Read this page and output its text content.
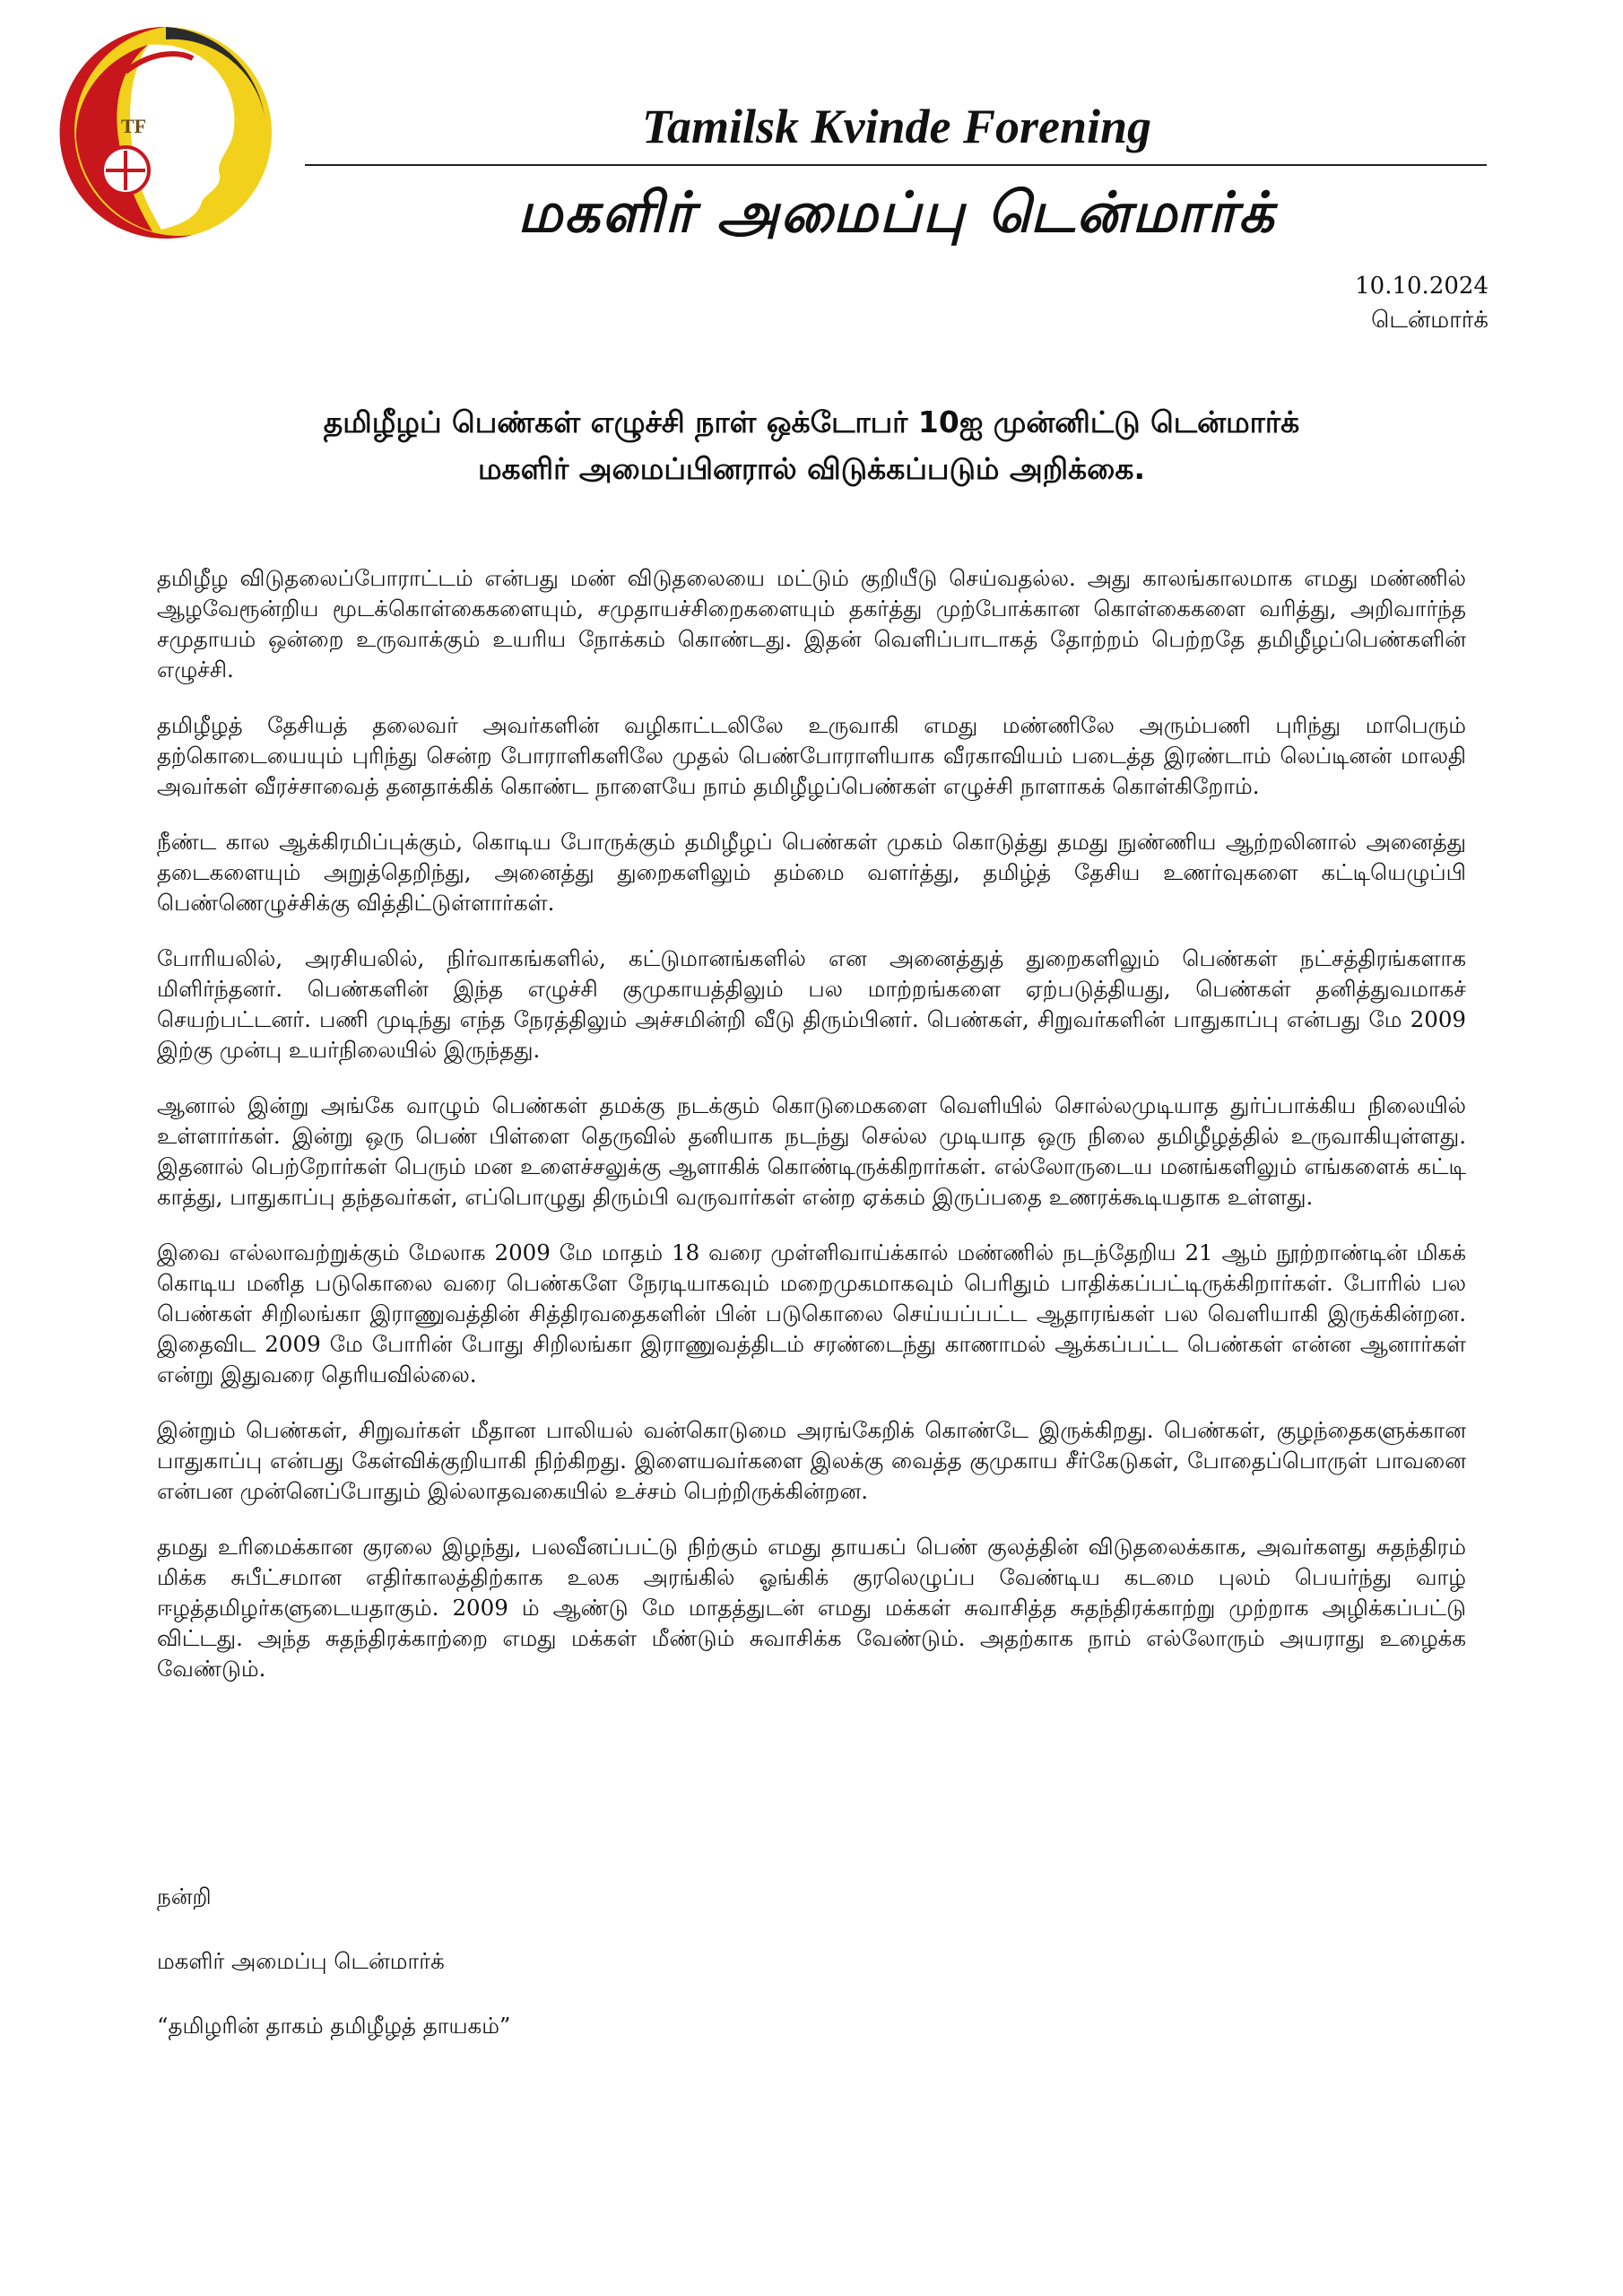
TF	Tamilsk Kvinde Forening
மகளிர் அமைப்பு டென்மார்க்
10.10.2024
டென்மார்க்
தமிழீழப் பெண்கள் எழுச்சி நாள் ஒக்டோபர் 10ஐ முன்னிட்டு டென்மார்க்
மகளிர் அமைப்பினரால் விடுக்கப்படும் அறிக்கை.

தமிழீழ விடுதலைப்போராட்டம் என்பது மண் விடுதலையை மட்டும் குறியீடு செய்வதல்ல. அது காலங்காலமாக எமது மண்ணில் ஆழவேரூன்றிய மூடக்கொள்கைகளையும், சமுதாயச்சிறைகளையும் தகர்த்து முற்போக்கான கொள்கைகளை வரித்து, அறிவார்ந்த சமுதாயம் ஒன்றை உருவாக்கும் உயரிய நோக்கம் கொண்டது. இதன் வெளிப்பாடாகத் தோற்றம் பெற்றதே தமிழீழப்பெண்களின் எழுச்சி.

தமிழீழத் தேசியத் தலைவர் அவர்களின் வழிகாட்டலிலே உருவாகி எமது மண்ணிலே அரும்பணி புரிந்து மாபெரும் தற்கொடையையும் புரிந்து சென்ற போராளிகளிலே முதல் பெண்போராளியாக வீரகாவியம் படைத்த இரண்டாம் லெப்டினன் மாலதி அவர்கள் வீரச்சாவைத் தனதாக்கிக் கொண்ட நாளையே நாம் தமிழீழப்பெண்கள் எழுச்சி நாளாகக் கொள்கிறோம்.

நீண்ட கால ஆக்கிரமிப்புக்கும், கொடிய போருக்கும் தமிழீழப் பெண்கள் முகம் கொடுத்து தமது நுண்ணிய ஆற்றலினால் அனைத்து தடைகளையும் அறுத்தெறிந்து, அனைத்து துறைகளிலும் தம்மை வளர்த்து, தமிழ்த் தேசிய உணர்வுகளை கட்டியெழுப்பி பெண்ணெழுச்சிக்கு வித்திட்டுள்ளார்கள்.

போரியலில், அரசியலில், நிர்வாகங்களில், கட்டுமானங்களில் என அனைத்துத் துறைகளிலும் பெண்கள் நட்சத்திரங்களாக மிளிர்ந்தனர். பெண்களின் இந்த எழுச்சி குமுகாயத்திலும் பல மாற்றங்களை ஏற்படுத்தியது, பெண்கள் தனித்துவமாகச் செயற்பட்டனர். பணி முடிந்து எந்த நேரத்திலும் அச்சமின்றி வீடு திரும்பினர். பெண்கள், சிறுவர்களின் பாதுகாப்பு என்பது மே 2009 இற்கு முன்பு உயர்நிலையில் இருந்தது.

ஆனால் இன்று அங்கே வாழும் பெண்கள் தமக்கு நடக்கும் கொடுமைகளை வெளியில் சொல்லமுடியாத துர்ப்பாக்கிய நிலையில் உள்ளார்கள். இன்று ஒரு பெண் பிள்ளை தெருவில் தனியாக நடந்து செல்ல முடியாத ஒரு நிலை தமிழீழத்தில் உருவாகியுள்ளது. இதனால் பெற்றோர்கள் பெரும் மன உளைச்சலுக்கு ஆளாகிக் கொண்டிருக்கிறார்கள். எல்லோருடைய மனங்களிலும் எங்களைக் கட்டி காத்து, பாதுகாப்பு தந்தவர்கள், எப்பொழுது திரும்பி வருவார்கள் என்ற ஏக்கம் இருப்பதை உணரக்கூடியதாக உள்ளது.

இவை எல்லாவற்றுக்கும் மேலாக 2009 மே மாதம் 18 வரை முள்ளிவாய்க்கால் மண்ணில் நடந்தேறிய 21 ஆம் நூற்றாண்டின் மிகக் கொடிய மனித படுகொலை வரை பெண்களே நேரடியாகவும் மறைமுகமாகவும் பெரிதும் பாதிக்கப்பட்டிருக்கிறார்கள். போரில் பல பெண்கள் சிறிலங்கா இராணுவத்தின் சித்திரவதைகளின் பின் படுகொலை செய்யப்பட்ட ஆதாரங்கள் பல வெளியாகி இருக்கின்றன. இதைவிட 2009 மே போரின் போது சிறிலங்கா இராணுவத்திடம் சரண்டைந்து காணாமல் ஆக்கப்பட்ட பெண்கள் என்ன ஆனார்கள் என்று இதுவரை தெரியவில்லை.

இன்றும் பெண்கள், சிறுவர்கள் மீதான பாலியல் வன்கொடுமை அரங்கேறிக் கொண்டே இருக்கிறது. பெண்கள், குழந்தைகளுக்கான பாதுகாப்பு என்பது கேள்விக்குறியாகி நிற்கிறது. இளையவர்களை இலக்கு வைத்த குமுகாய சீர்கேடுகள், போதைப்பொருள் பாவனை என்பன முன்னெப்போதும் இல்லாதவகையில் உச்சம் பெற்றிருக்கின்றன.

தமது உரிமைக்கான குரலை இழந்து, பலவீனப்பட்டு நிற்கும் எமது தாயகப் பெண் குலத்தின் விடுதலைக்காக, அவர்களது சுதந்திரம் மிக்க சுபீட்சமான எதிர்காலத்திற்காக உலக அரங்கில் ஓங்கிக் குரலெழுப்ப வேண்டிய கடமை புலம் பெயர்ந்து வாழ் ஈழத்தமிழர்களுடையதாகும். 2009 ம் ஆண்டு மே மாதத்துடன் எமது மக்கள் சுவாசித்த சுதந்திரக்காற்று முற்றாக அழிக்கப்பட்டு விட்டது. அந்த சுதந்திரக்காற்றை எமது மக்கள் மீண்டும் சுவாசிக்க வேண்டும். அதற்காக நாம் எல்லோரும் அயராது உழைக்க வேண்டும்.

நன்றி
மகளிர் அமைப்பு டென்மார்க்
“தமிழரின் தாகம் தமிழீழத் தாயகம்”
